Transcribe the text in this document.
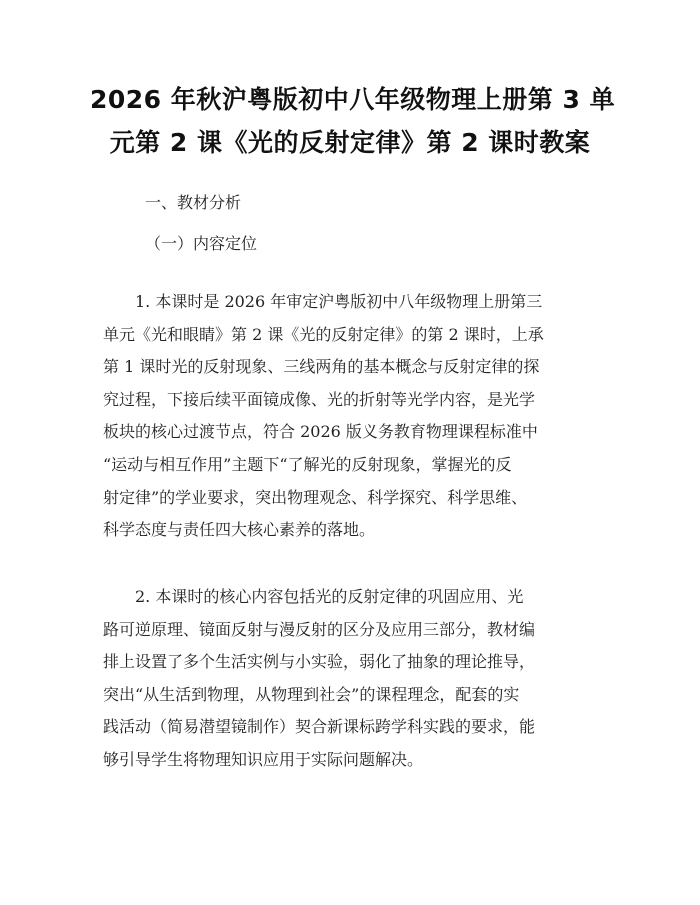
2026 年秋沪粤版初中八年级物理上册第 3 单
元第 2 课《光的反射定律》第 2 课时教案

一、教材分析

（一）内容定位

　　1. 本课时是 2026 年审定沪粤版初中八年级物理上册第三
单元《光和眼睛》第 2 课《光的反射定律》的第 2 课时，上承
第 1 课时光的反射现象、三线两角的基本概念与反射定律的探
究过程，下接后续平面镜成像、光的折射等光学内容，是光学
板块的核心过渡节点，符合 2026 版义务教育物理课程标准中
“运动与相互作用”主题下“了解光的反射现象，掌握光的反
射定律”的学业要求，突出物理观念、科学探究、科学思维、
科学态度与责任四大核心素养的落地。

　　2. 本课时的核心内容包括光的反射定律的巩固应用、光
路可逆原理、镜面反射与漫反射的区分及应用三部分，教材编
排上设置了多个生活实例与小实验，弱化了抽象的理论推导，
突出“从生活到物理，从物理到社会”的课程理念，配套的实
践活动（简易潜望镜制作）契合新课标跨学科实践的要求，能
够引导学生将物理知识应用于实际问题解决。
